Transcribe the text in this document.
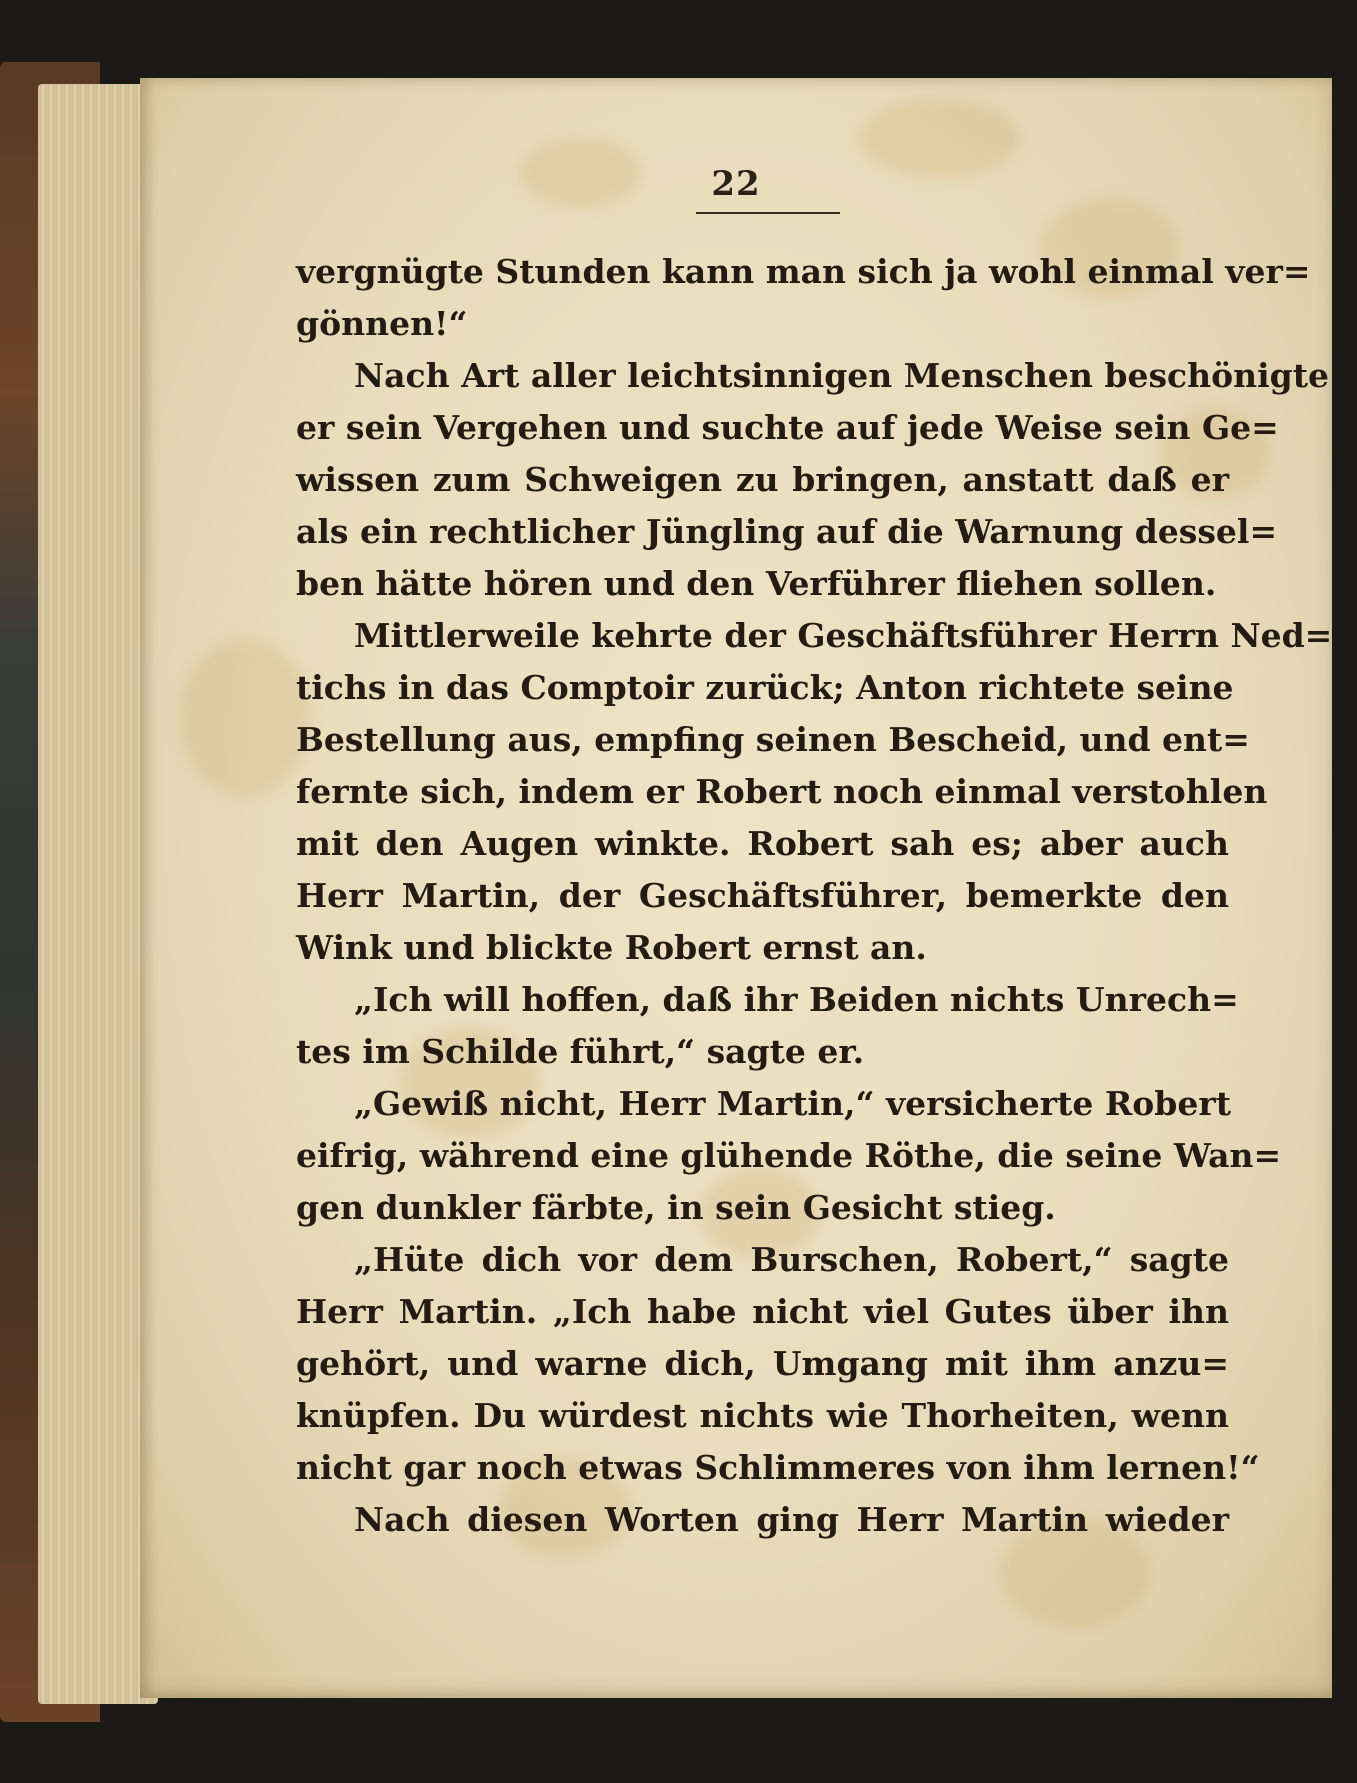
22
vergnügte Stunden kann man sich ja wohl einmal ver=
gönnen!“
Nach Art aller leichtsinnigen Menschen beschönigte
er sein Vergehen und suchte auf jede Weise sein Ge=
wissen zum Schweigen zu bringen, anstatt daß er
als ein rechtlicher Jüngling auf die Warnung dessel=
ben hätte hören und den Verführer fliehen sollen.
Mittlerweile kehrte der Geschäftsführer Herrn Ned=
tichs in das Comptoir zurück; Anton richtete seine
Bestellung aus, empfing seinen Bescheid, und ent=
fernte sich, indem er Robert noch einmal verstohlen
mit den Augen winkte. Robert sah es; aber auch
Herr Martin, der Geschäftsführer, bemerkte den
Wink und blickte Robert ernst an.
„Ich will hoffen, daß ihr Beiden nichts Unrech=
tes im Schilde führt,“ sagte er.
„Gewiß nicht, Herr Martin,“ versicherte Robert
eifrig, während eine glühende Röthe, die seine Wan=
gen dunkler färbte, in sein Gesicht stieg.
„Hüte dich vor dem Burschen, Robert,“ sagte
Herr Martin. „Ich habe nicht viel Gutes über ihn
gehört, und warne dich, Umgang mit ihm anzu=
knüpfen. Du würdest nichts wie Thorheiten, wenn
nicht gar noch etwas Schlimmeres von ihm lernen!“
Nach diesen Worten ging Herr Martin wieder
